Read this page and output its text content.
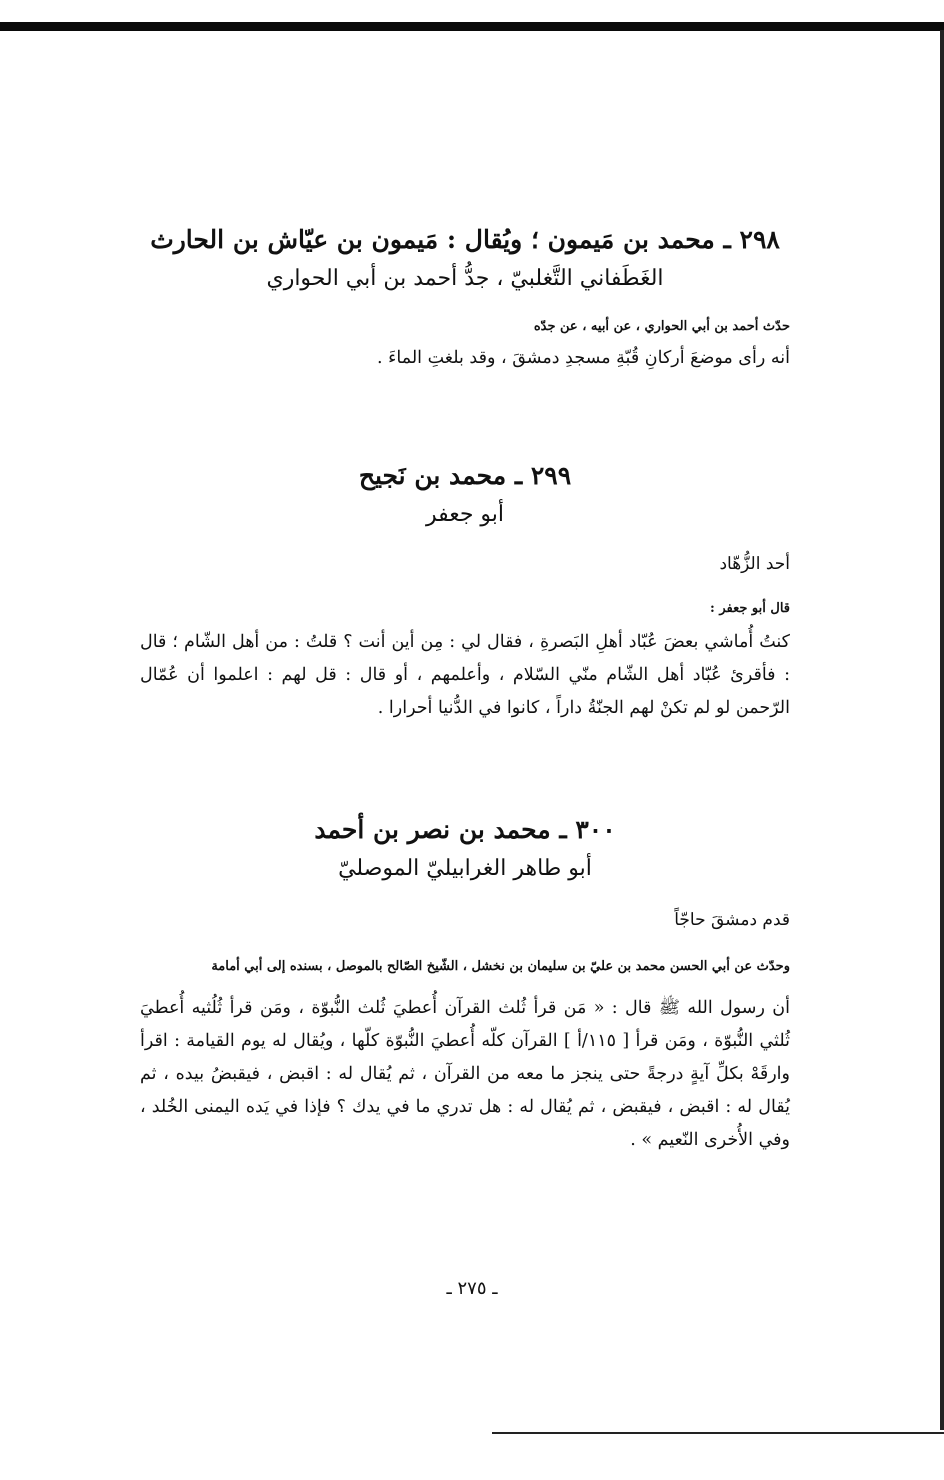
٢٩٨ ـ محمد بن مَيمون ؛ ويُقال : مَيمون بن عيّاش بن الحارث
الغَطَفاني التَّغلبيّ ، جدُّ أحمد بن أبي الحواري
حدّث أحمد بن أبي الحواري ، عن أبيه ، عن جدّه
أنه رأى موضعَ أركانِ قُبّةِ مسجدِ دمشقَ ، وقد بلغتِ الماءَ .
٢٩٩ ـ محمد بن نَجيح
أبو جعفر
أحد الزُّهّاد
قال أبو جعفر :
كنتُ أُماشي بعضَ عُبّاد أهلِ البَصرةِ ، فقال لي : مِن أين أنت ؟ قلتُ : من أهل الشّام ؛ قال : فأقرئ عُبّاد أهل الشّام منّي السّلام ، وأعلمهم ، أو قال : قل لهم : اعلموا أن عُمّال الرّحمن لو لم تكنْ لهم الجنّةُ داراً ، كانوا في الدُّنيا أحرارا .
٣٠٠ ـ محمد بن نصر بن أحمد
أبو طاهر الغرابيليّ الموصليّ
قدم دمشقَ حاجّاً
وحدّث عن أبي الحسن محمد بن عليّ بن سليمان بن نخشل ، الشّيخ الصّالح بالموصل ، بسنده إلى أبي أمامة
أن رسول الله ﷺ قال : « مَن قرأ ثُلث القرآن أُعطيَ ثُلث النُّبوّة ، ومَن قرأ ثُلُثيه أُعطيَ ثُلثي النُّبوّة ، ومَن قرأ [ ١١٥/أ ] القرآن كلّه أُعطيَ النُّبوّة كلّها ، ويُقال له يوم القيامة : اقرأ وارقَهْ بكلِّ آيةٍ درجةً حتى ينجز ما معه من القرآن ، ثم يُقال له : اقبض ، فيقبضُ بيده ، ثم يُقال له : اقبض ، فيقبض ، ثم يُقال له : هل تدري ما في يدك ؟ فإذا في يَده اليمنى الخُلد ، وفي الأُخرى النّعيم » .
ـ ٢٧٥ ـ
